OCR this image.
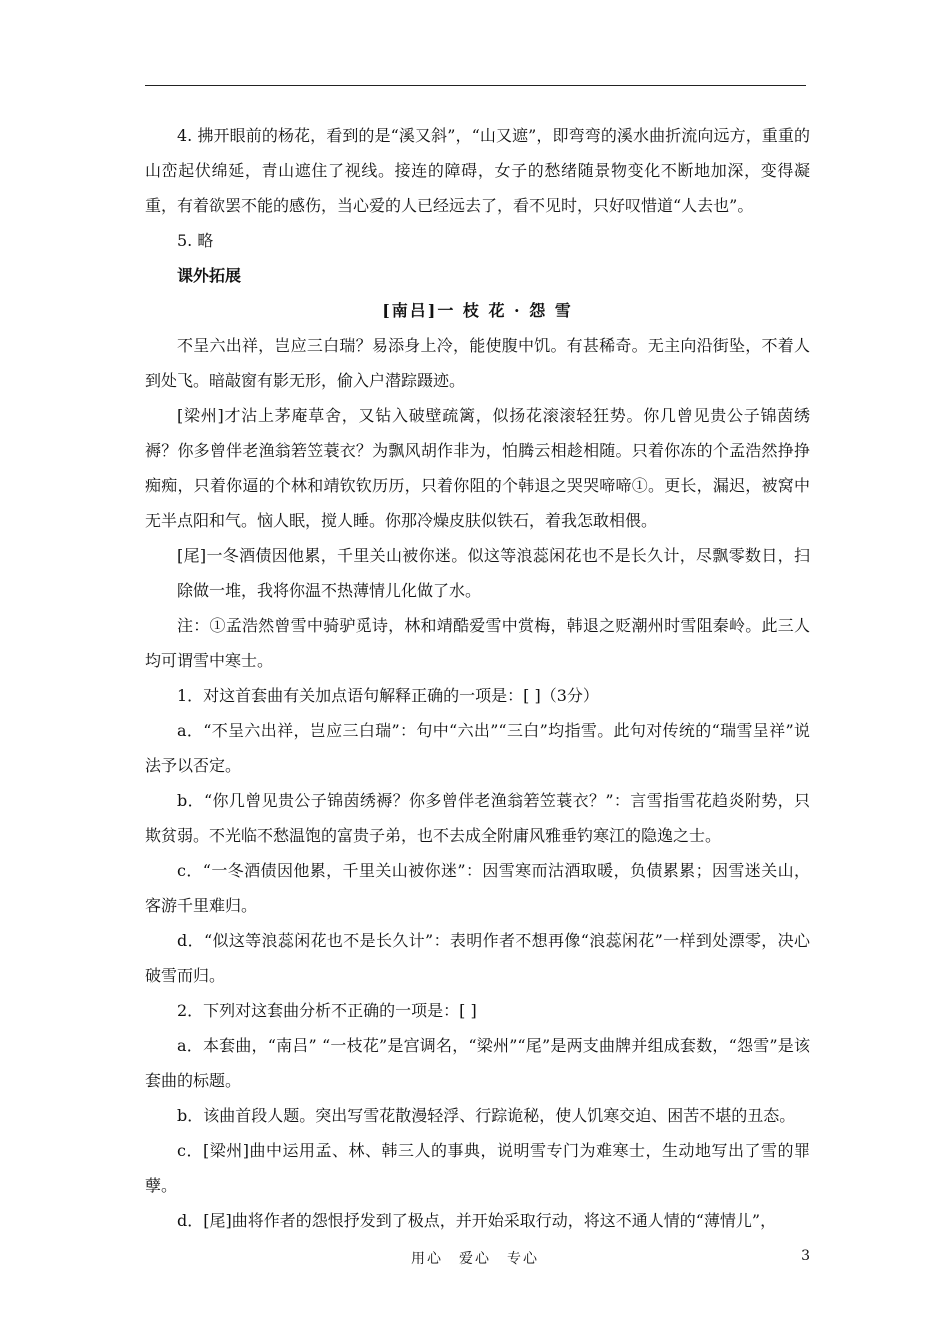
4. 拂开眼前的杨花，看到的是“溪又斜”，“山又遮”，即弯弯的溪水曲折流向远方，重重的山峦起伏绵延，青山遮住了视线。接连的障碍，女子的愁绪随景物变化不断地加深，变得凝重，有着欲罢不能的感伤，当心爱的人已经远去了，看不见时，只好叹惜道“人去也”。

5. 略

课外拓展

[南吕]一 枝 花 · 怨 雪

不呈六出祥，岂应三白瑞？易添身上冷，能使腹中饥。有甚稀奇。无主向沿街坠，不着人到处飞。暗敲窗有影无形，偷入户潜踪蹑迹。

[梁州]才沾上茅庵草舍，又钻入破壁疏篱，似扬花滚滚轻狂势。你几曾见贵公子锦茵绣褥？你多曾伴老渔翁箬笠蓑衣？为飘风胡作非为，怕腾云相趁相随。只着你冻的个孟浩然挣挣痴痴，只着你逼的个林和靖钦钦历历，只着你阻的个韩退之哭哭啼啼①。更长，漏迟，被窝中无半点阳和气。恼人眠，搅人睡。你那冷燥皮肤似铁石，着我怎敢相偎。

[尾]一冬酒债因他累，千里关山被你迷。似这等浪蕊闲花也不是长久计，尽飘零数日，扫除做一堆，我将你温不热薄情儿化做了水。

注：①孟浩然曾雪中骑驴觅诗，林和靖酷爱雪中赏梅，韩退之贬潮州时雪阻秦岭。此三人均可谓雪中寒士。

1．对这首套曲有关加点语句解释正确的一项是：[ ]（3分）

a．“不呈六出祥，岂应三白瑞”：句中“六出”“三白”均指雪。此句对传统的“瑞雪呈祥”说法予以否定。

b．“你几曾见贵公子锦茵绣褥？你多曾伴老渔翁箬笠蓑衣？”：言雪指雪花趋炎附势，只欺贫弱。不光临不愁温饱的富贵子弟，也不去成全附庸风雅垂钓寒江的隐逸之士。

c．“一冬酒债因他累，千里关山被你迷”：因雪寒而沽酒取暖，负债累累；因雪迷关山，客游千里难归。

d．“似这等浪蕊闲花也不是长久计”：表明作者不想再像“浪蕊闲花”一样到处漂零，决心破雪而归。

2．下列对这套曲分析不正确的一项是：[ ]

a．本套曲，“南吕” “一枝花”是宫调名，“梁州”“尾”是两支曲牌并组成套数，“怨雪”是该套曲的标题。

b．该曲首段人题。突出写雪花散漫轻浮、行踪诡秘，使人饥寒交迫、困苦不堪的丑态。

c．[梁州]曲中运用孟、林、韩三人的事典，说明雪专门为难寒士，生动地写出了雪的罪孽。

d．[尾]曲将作者的怨恨抒发到了极点，并开始采取行动，将这不通人情的“薄情儿”，

用心　爱心　专心	3
